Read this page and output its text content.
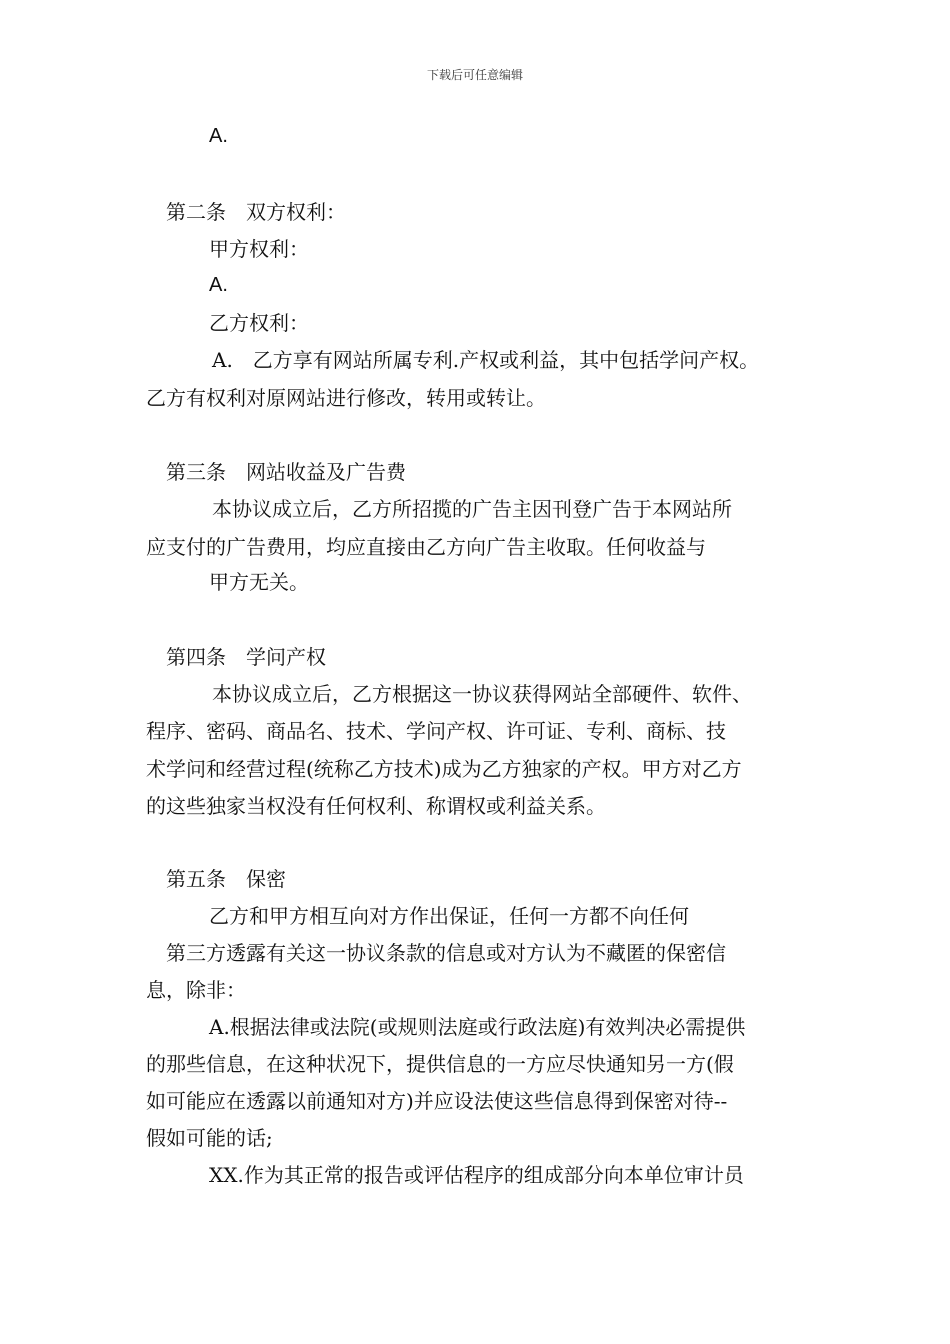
下载后可任意编辑
A.
第二条　双方权利：
甲方权利：
A.
乙方权利：
A.　乙方享有网站所属专利.产权或利益，其中包括学问产权。
乙方有权利对原网站进行修改，转用或转让。
第三条　网站收益及广告费
本协议成立后，乙方所招揽的广告主因刊登广告于本网站所
应支付的广告费用，均应直接由乙方向广告主收取。任何收益与
甲方无关。
第四条　学问产权
本协议成立后，乙方根据这一协议获得网站全部硬件、软件、
程序、密码、商品名、技术、学问产权、许可证、专利、商标、技
术学问和经营过程(统称乙方技术)成为乙方独家的产权。甲方对乙方
的这些独家当权没有任何权利、称谓权或利益关系。
第五条　保密
乙方和甲方相互向对方作出保证，任何一方都不向任何
第三方透露有关这一协议条款的信息或对方认为不藏匿的保密信
息，除非：
A.根据法律或法院(或规则法庭或行政法庭)有效判决必需提供
的那些信息，在这种状况下，提供信息的一方应尽快通知另一方(假
如可能应在透露以前通知对方)并应设法使这些信息得到保密对待--
假如可能的话;
XX.作为其正常的报告或评估程序的组成部分向本单位审计员
